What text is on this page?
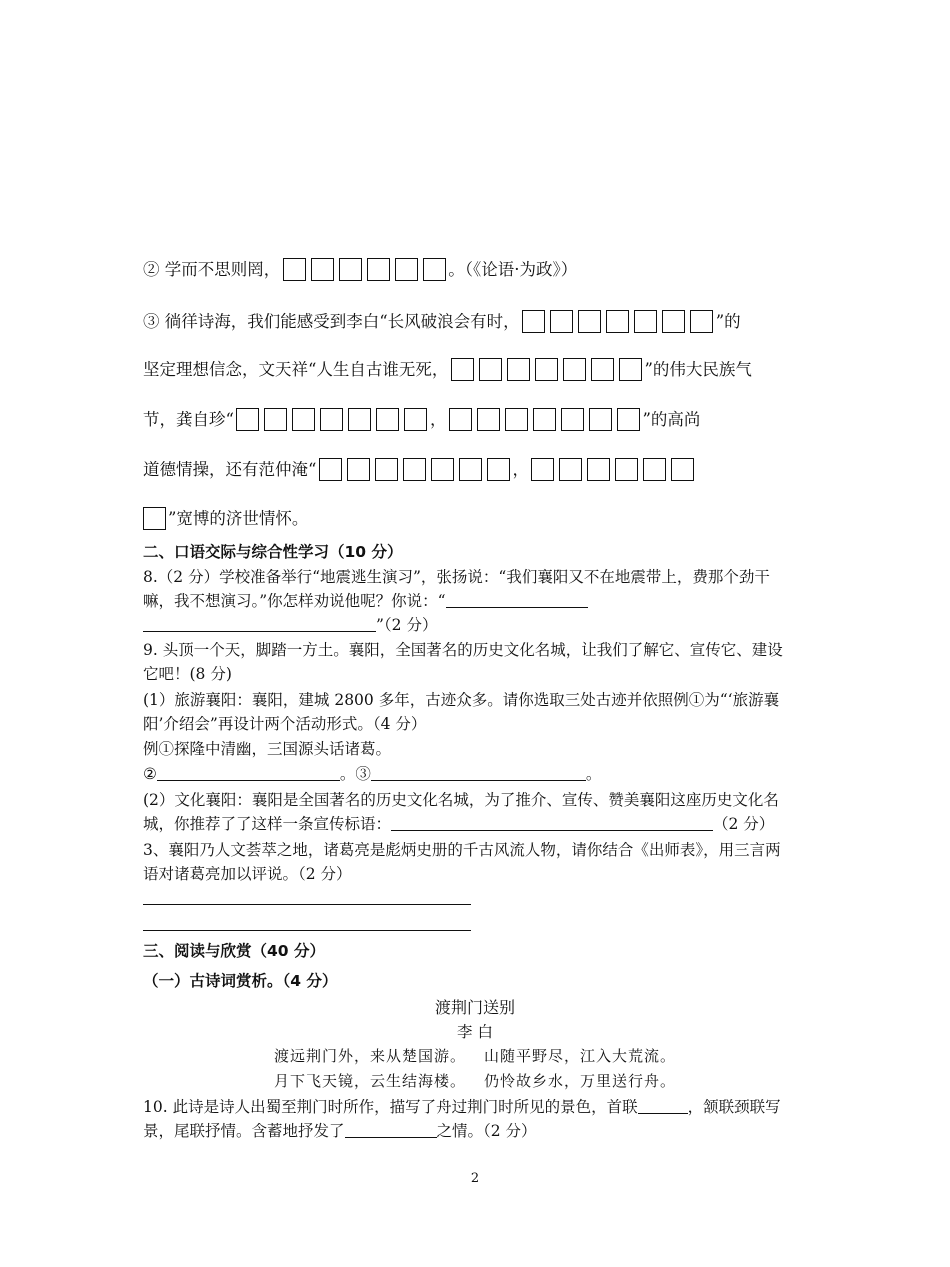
② 学而不思则罔，	。（《论语·为政》）
③ 徜徉诗海，我们能感受到李白“长风破浪会有时，	”的
坚定理想信念，文天祥“人生自古谁无死，	”的伟大民族气
节，龚自珍“	，	”的高尚
道德情操，还有范仲淹“	，
”宽博的济世情怀。
二、口语交际与综合性学习（10 分）
8.（2 分）学校准备举行“地震逃生演习”，张扬说：“我们襄阳又不在地震带上，费那个劲干
嘛，我不想演习。”你怎样劝说他呢？你说：“
”（2 分）
9. 头顶一个天，脚踏一方土。襄阳，全国著名的历史文化名城，让我们了解它、宣传它、建设
它吧！(8 分)
(1）旅游襄阳：襄阳，建城 2800 多年，古迹众多。请你选取三处古迹并依照例①为“‘旅游襄
阳’介绍会”再设计两个活动形式。（4 分）
例①探隆中清幽，三国源头话诸葛。
②	。③	。
(2）文化襄阳：襄阳是全国著名的历史文化名城，为了推介、宣传、赞美襄阳这座历史文化名
城，你推荐了了这样一条宣传标语：	（2 分）
3、襄阳乃人文荟萃之地，诸葛亮是彪炳史册的千古风流人物，请你结合《出师表》，用三言两
语对诸葛亮加以评说。（2 分）
三、阅读与欣赏（40 分）
（一）古诗词赏析。（4 分）
渡荆门送别
李 白
渡远荆门外，来从楚国游。 山随平野尽，江入大荒流。
月下飞天镜，云生结海楼。 仍怜故乡水，万里送行舟。
10. 此诗是诗人出蜀至荆门时所作，描写了舟过荆门时所见的景色，首联	，颔联颈联写
景，尾联抒情。含蓄地抒发了	之情。（2 分）
2
